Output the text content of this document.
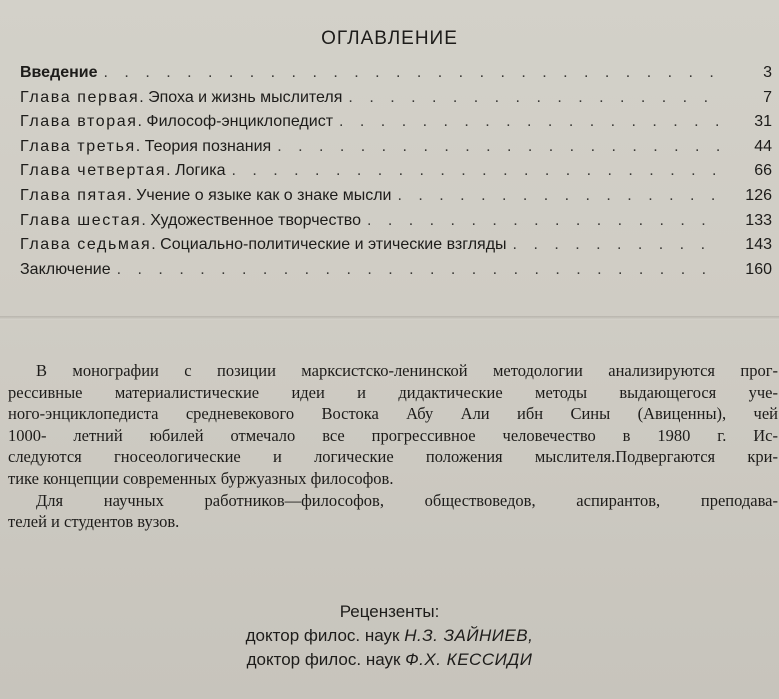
ОГЛАВЛЕНИЕ
Введение . . .	3
Глава первая. Эпоха и жизнь мыслителя . . .	7
Глава вторая. Философ-энциклопедист . . .	31
Глава третья. Теория познания . . .	44
Глава четвертая. Логика . . .	66
Глава пятая. Учение о языке как о знаке мысли . . .	126
Глава шестая. Художественное творчество . . .	133
Глава седьмая. Социально-политические и этические взгляды . . .	143
Заключение . . .	160
В монографии с позиции марксистско-ленинской методологии анализируются прог-
рессивные материалистические идеи и дидактические методы выдающегося уче-
ного-энциклопедиста средневекового Востока Абу Али ибн Сины (Авиценны), чей
1000- летний юбилей отмечало все прогрессивное человечество в 1980 г. Ис-
следуются гносеологические и логические положения мыслителя.Подвергаются кри-
тике концепции современных буржуазных философов.
Для научных работников—философов, обществоведов, аспирантов, преподава-
телей и студентов вузов.
Рецензенты:
доктор филос. наук Н.З. ЗАЙНИЕВ,
доктор филос. наук Ф.Х. КЕССИДИ
